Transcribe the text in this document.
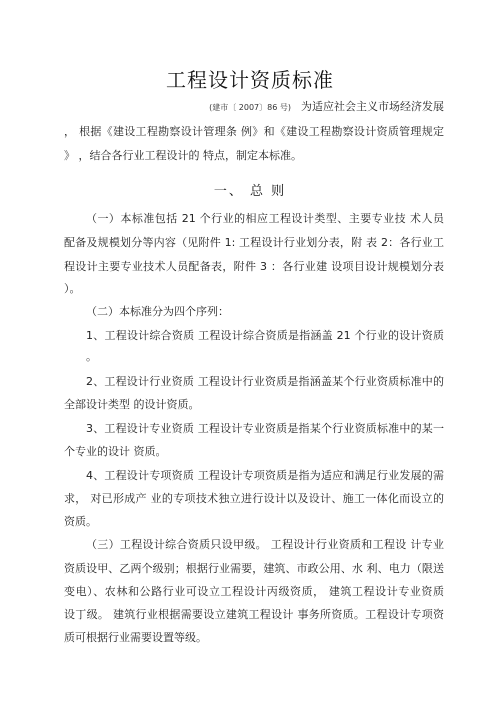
工程设计资质标准
(建市〔 2007〕86 号) 为适应社会主义市场经济发展
， 根据《建设工程勘察设计管理条 例》和《建设工程勘察设计资质管理规定
》 ，结合各行业工程设计的 特点，制定本标准。
一、 总 则
（一）本标准包括 21 个行业的相应工程设计类型、主要专业技 术人员
配备及规模划分等内容（见附件 1: 工程设计行业划分表，附 表 2：各行业工
程设计主要专业技术人员配备表，附件 3 ：各行业建 设项目设计规模划分表
）。
（二）本标准分为四个序列：
1、工程设计综合资质 工程设计综合资质是指涵盖 21 个行业的设计资质
。
2、工程设计行业资质 工程设计行业资质是指涵盖某个行业资质标准中的
全部设计类型 的设计资质。
3、工程设计专业资质 工程设计专业资质是指某个行业资质标准中的某一
个专业的设计 资质。
4、工程设计专项资质 工程设计专项资质是指为适应和满足行业发展的需
求， 对已形成产 业的专项技术独立进行设计以及设计、施工一体化而设立的
资质。
（三）工程设计综合资质只设甲级。 工程设计行业资质和工程设 计专业
资质设甲、乙两个级别；根据行业需要，建筑、市政公用、水 利、电力（限送
变电）、农林和公路行业可设立工程设计丙级资质， 建筑工程设计专业资质
设丁级。 建筑行业根据需要设立建筑工程设计 事务所资质。工程设计专项资
质可根据行业需要设置等级。
